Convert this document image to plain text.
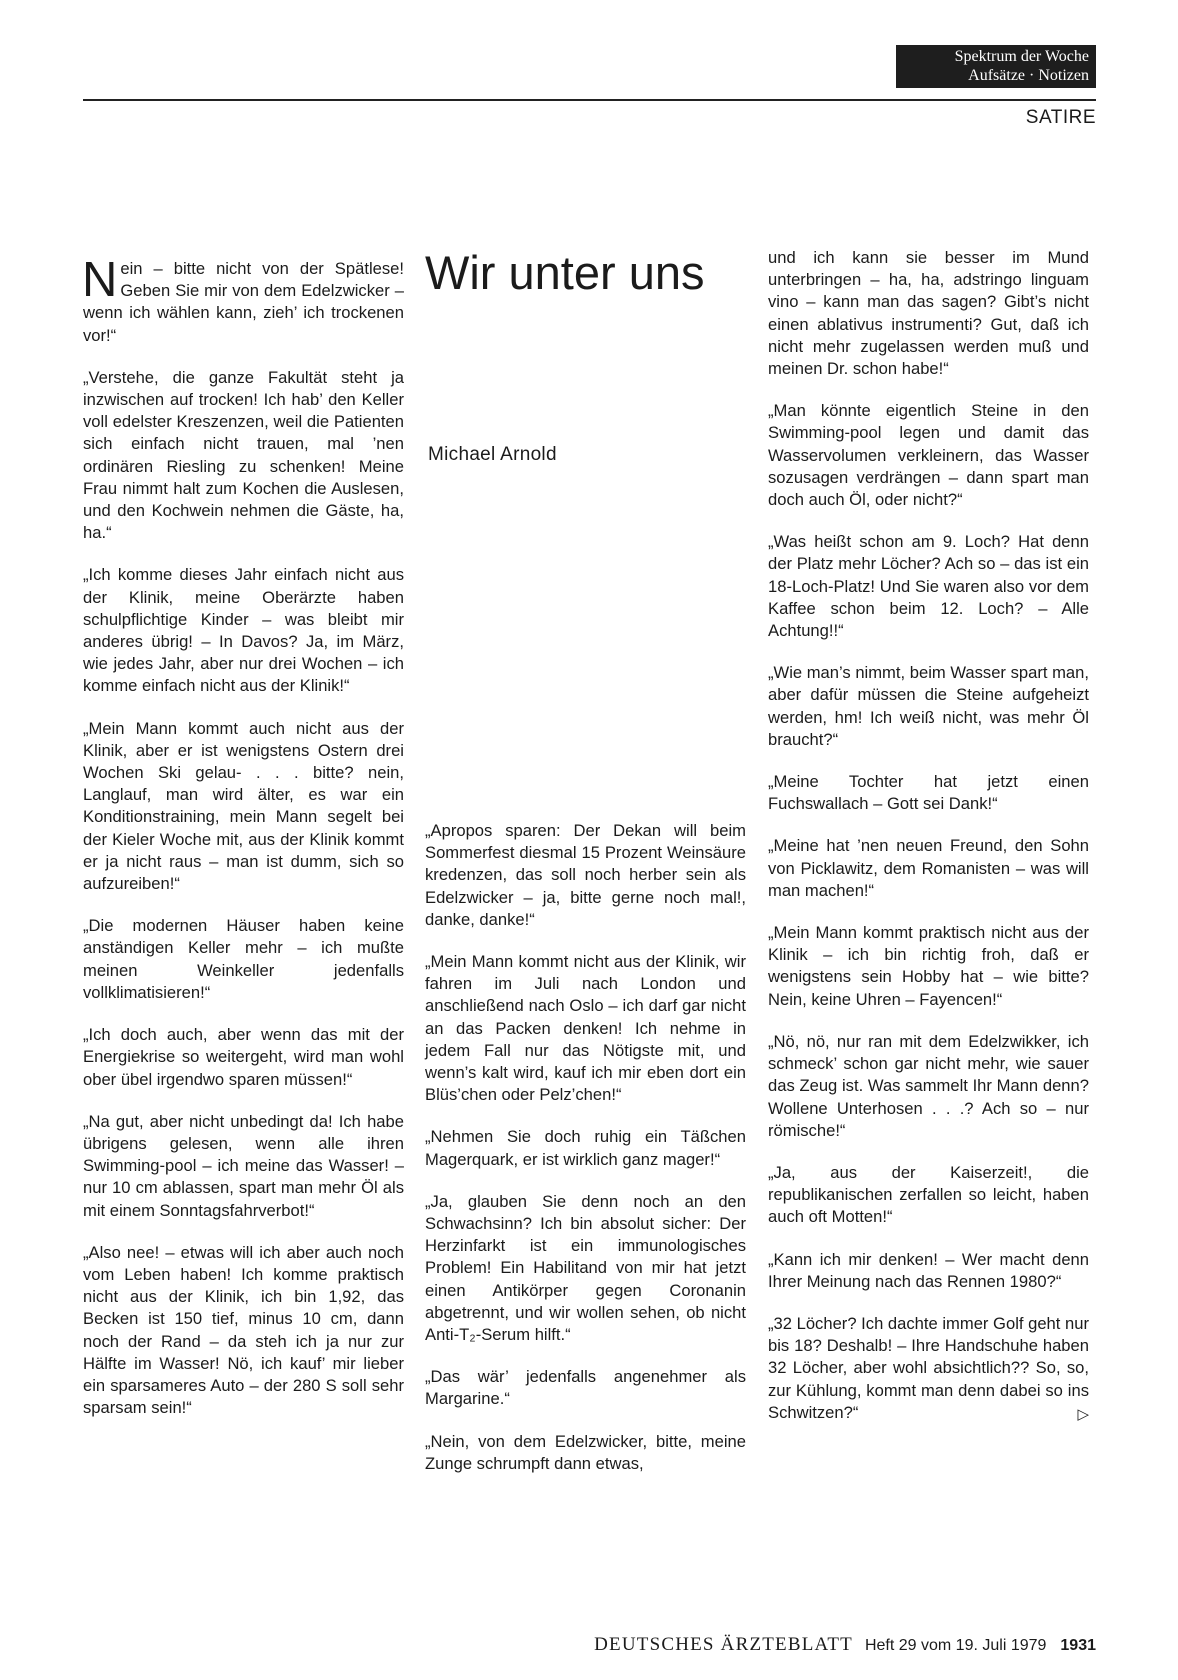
Spektrum der Woche
Aufsätze · Notizen
SATIRE
Wir unter uns
Michael Arnold

Nein – bitte nicht von der Spätlese! Geben Sie mir von dem Edelzwicker – wenn ich wählen kann, zieh’ ich trockenen vor!“

„Verstehe, die ganze Fakultät steht ja inzwischen auf trocken! Ich hab’ den Keller voll edelster Kreszenzen, weil die Patienten sich einfach nicht trauen, mal ’nen ordinären Riesling zu schenken! Meine Frau nimmt halt zum Kochen die Auslesen, und den Kochwein nehmen die Gäste, ha, ha.“

„Ich komme dieses Jahr einfach nicht aus der Klinik, meine Oberärzte haben schulpflichtige Kinder – was bleibt mir anderes übrig! – In Davos? Ja, im März, wie jedes Jahr, aber nur drei Wochen – ich komme einfach nicht aus der Klinik!“

„Mein Mann kommt auch nicht aus der Klinik, aber er ist wenigstens Ostern drei Wochen Ski gelau- . . . bitte? nein, Langlauf, man wird älter, es war ein Konditionstraining, mein Mann segelt bei der Kieler Woche mit, aus der Klinik kommt er ja nicht raus – man ist dumm, sich so aufzureiben!“

„Die modernen Häuser haben keine anständigen Keller mehr – ich mußte meinen Weinkeller jedenfalls vollklimatisieren!“

„Ich doch auch, aber wenn das mit der Energiekrise so weitergeht, wird man wohl ober übel irgendwo sparen müssen!“

„Na gut, aber nicht unbedingt da! Ich habe übrigens gelesen, wenn alle ihren Swimming-pool – ich meine das Wasser! – nur 10 cm ablassen, spart man mehr Öl als mit einem Sonntagsfahrverbot!“

„Also nee! – etwas will ich aber auch noch vom Leben haben! Ich komme praktisch nicht aus der Klinik, ich bin 1,92, das Becken ist 150 tief, minus 10 cm, dann noch der Rand – da steh ich ja nur zur Hälfte im Wasser! Nö, ich kauf’ mir lieber ein sparsameres Auto – der 280 S soll sehr sparsam sein!“

„Apropos sparen: Der Dekan will beim Sommerfest diesmal 15 Prozent Weinsäure kredenzen, das soll noch herber sein als Edelzwicker – ja, bitte gerne noch mal!, danke, danke!“

„Mein Mann kommt nicht aus der Klinik, wir fahren im Juli nach London und anschließend nach Oslo – ich darf gar nicht an das Packen denken! Ich nehme in jedem Fall nur das Nötigste mit, und wenn’s kalt wird, kauf ich mir eben dort ein Blüs’chen oder Pelz’chen!“

„Nehmen Sie doch ruhig ein Täßchen Magerquark, er ist wirklich ganz mager!“

„Ja, glauben Sie denn noch an den Schwachsinn? Ich bin absolut sicher: Der Herzinfarkt ist ein immunologisches Problem! Ein Habilitand von mir hat jetzt einen Antikörper gegen Coronanin abgetrennt, und wir wollen sehen, ob nicht Anti-T₂-Serum hilft.“

„Das wär’ jedenfalls angenehmer als Margarine.“

„Nein, von dem Edelzwicker, bitte, meine Zunge schrumpft dann etwas,

und ich kann sie besser im Mund unterbringen – ha, ha, adstringo linguam vino – kann man das sagen? Gibt’s nicht einen ablativus instrumenti? Gut, daß ich nicht mehr zugelassen werden muß und meinen Dr. schon habe!“

„Man könnte eigentlich Steine in den Swimming-pool legen und damit das Wasservolumen verkleinern, das Wasser sozusagen verdrängen – dann spart man doch auch Öl, oder nicht?“

„Was heißt schon am 9. Loch? Hat denn der Platz mehr Löcher? Ach so – das ist ein 18-Loch-Platz! Und Sie waren also vor dem Kaffee schon beim 12. Loch? – Alle Achtung!!“

„Wie man’s nimmt, beim Wasser spart man, aber dafür müssen die Steine aufgeheizt werden, hm! Ich weiß nicht, was mehr Öl braucht?“

„Meine Tochter hat jetzt einen Fuchswallach – Gott sei Dank!“

„Meine hat ’nen neuen Freund, den Sohn von Picklawitz, dem Romanisten – was will man machen!“

„Mein Mann kommt praktisch nicht aus der Klinik – ich bin richtig froh, daß er wenigstens sein Hobby hat – wie bitte? Nein, keine Uhren – Fayencen!“

„Nö, nö, nur ran mit dem Edelzwikker, ich schmeck’ schon gar nicht mehr, wie sauer das Zeug ist. Was sammelt Ihr Mann denn? Wollene Unterhosen . . .? Ach so – nur römische!“

„Ja, aus der Kaiserzeit!, die republikanischen zerfallen so leicht, haben auch oft Motten!“

„Kann ich mir denken! – Wer macht denn Ihrer Meinung nach das Rennen 1980?“

„32 Löcher? Ich dachte immer Golf geht nur bis 18? Deshalb! – Ihre Handschuhe haben 32 Löcher, aber wohl absichtlich?? So, so, zur Kühlung, kommt man denn dabei so ins Schwitzen?“	▷

DEUTSCHES ÄRZTEBLATT Heft 29 vom 19. Juli 1979 1931
